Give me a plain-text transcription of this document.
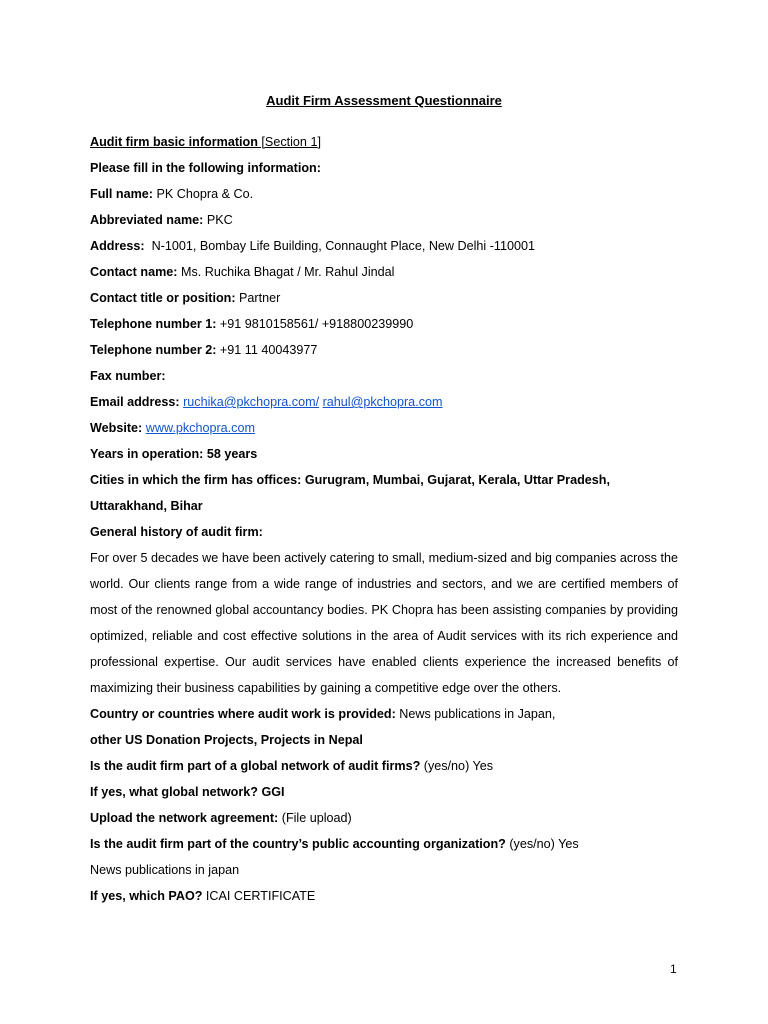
Audit Firm Assessment Questionnaire
Audit firm basic information [Section 1]
Please fill in the following information:
Full name: PK Chopra & Co.
Abbreviated name: PKC
Address:  N-1001, Bombay Life Building, Connaught Place, New Delhi -110001
Contact name: Ms. Ruchika Bhagat / Mr. Rahul Jindal
Contact title or position: Partner
Telephone number 1: +91 9810158561/ +918800239990
Telephone number 2: +91 11 40043977
Fax number:
Email address: ruchika@pkchopra.com/ rahul@pkchopra.com
Website: www.pkchopra.com
Years in operation: 58 years
Cities in which the firm has offices: Gurugram, Mumbai, Gujarat, Kerala, Uttar Pradesh, Uttarakhand, Bihar
General history of audit firm:
For over 5 decades we have been actively catering to small, medium-sized and big companies across the world. Our clients range from a wide range of industries and sectors, and we are certified members of most of the renowned global accountancy bodies. PK Chopra has been assisting companies by providing optimized, reliable and cost effective solutions in the area of Audit services with its rich experience and professional expertise. Our audit services have enabled clients experience the increased benefits of maximizing their business capabilities by gaining a competitive edge over the others.
Country or countries where audit work is provided: News publications in Japan,
other US Donation Projects, Projects in Nepal
Is the audit firm part of a global network of audit firms? (yes/no) Yes
If yes, what global network? GGI
Upload the network agreement: (File upload)
Is the audit firm part of the country’s public accounting organization? (yes/no) Yes
News publications in japan
If yes, which PAO? ICAI CERTIFICATE
1
